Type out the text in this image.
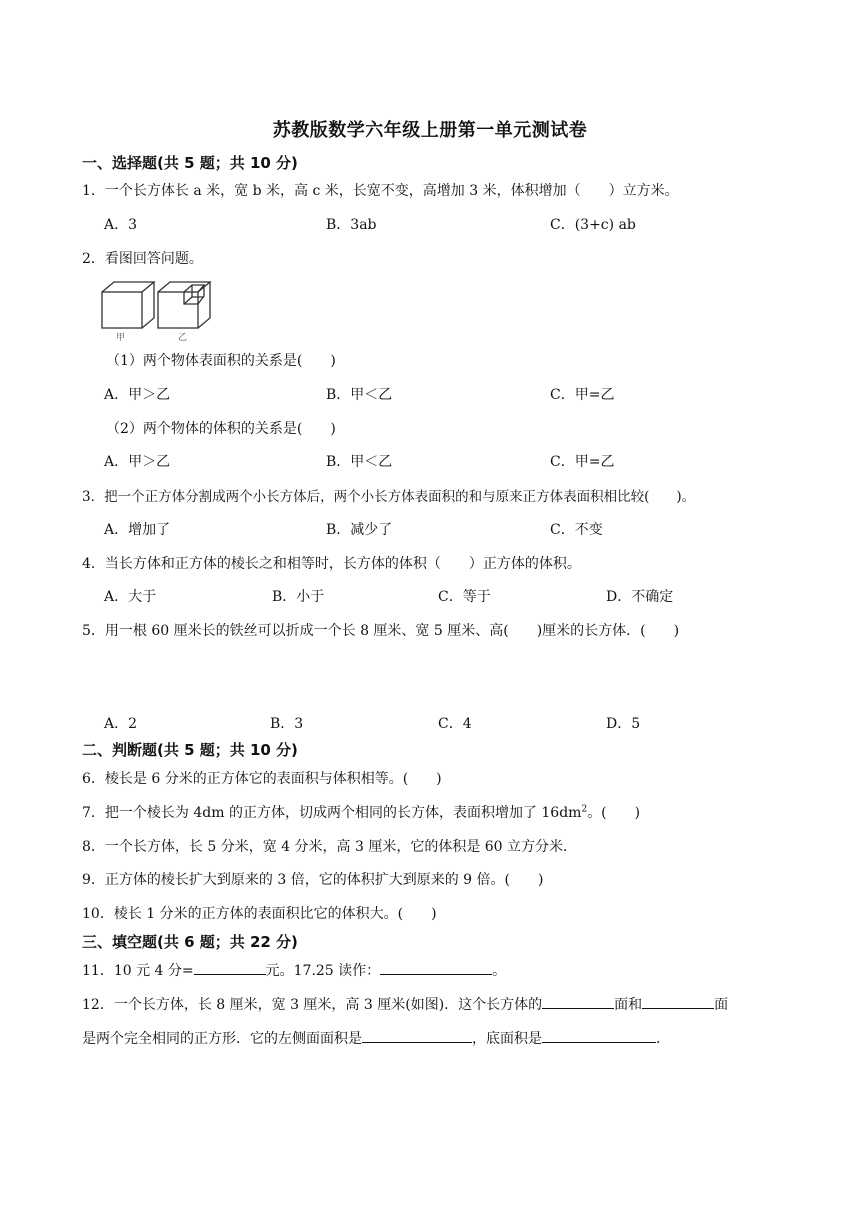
苏教版数学六年级上册第一单元测试卷
一、选择题(共 5 题；共 10 分)
1．一个长方体长 a 米，宽 b 米，高 c 米，长宽不变，高增加 3 米，体积增加（　　）立方米。
A．3	B．3ab	C．(3+c) ab
2．看图回答问题。
甲	乙
（1）两个物体表面积的关系是(　　)
A．甲＞乙	B．甲＜乙	C．甲=乙
（2）两个物体的体积的关系是(　　)
A．甲＞乙	B．甲＜乙	C．甲=乙
3．把一个正方体分割成两个小长方体后，两个小长方体表面积的和与原来正方体表面积相比较(　　)。
A．增加了	B．减少了	C．不变
4．当长方体和正方体的棱长之和相等时，长方体的体积（　　）正方体的体积。
A．大于	B．小于	C．等于	D．不确定
5．用一根 60 厘米长的铁丝可以折成一个长 8 厘米、宽 5 厘米、高(　　)厘米的长方体．(　　)
A．2	B．3	C．4	D．5
二、判断题(共 5 题；共 10 分)
6．棱长是 6 分米的正方体它的表面积与体积相等。(　　)
7．把一个棱长为 4dm 的正方体，切成两个相同的长方体，表面积增加了 $16dm^2$。(　　)
8．一个长方体，长 5 分米，宽 4 分米，高 3 厘米，它的体积是 60 立方分米．
9．正方体的棱长扩大到原来的 3 倍，它的体积扩大到原来的 9 倍。(　　)
10．棱长 1 分米的正方体的表面积比它的体积大。(　　)
三、填空题(共 6 题；共 22 分)
11．10 元 4 分=	元。17.25 读作：	。
12．一个长方体，长 8 厘米，宽 3 厘米，高 3 厘米(如图)．这个长方体的	面和	面
是两个完全相同的正方形．它的左侧面面积是	，底面积是	．
